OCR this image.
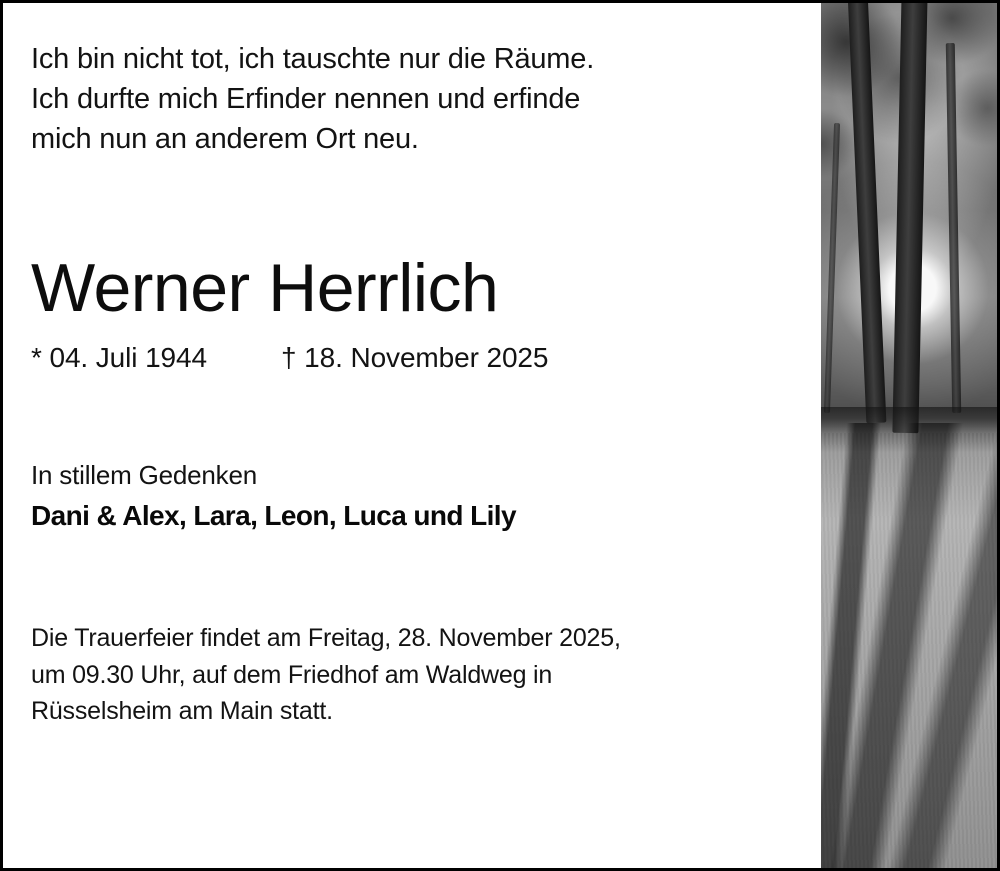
Ich bin nicht tot, ich tauschte nur die Räume.
Ich durfte mich Erfinder nennen und erfinde
mich nun an anderem Ort neu.
Werner Herrlich
* 04. Juli 1944	† 18. November 2025
In stillem Gedenken
Dani & Alex, Lara, Leon, Luca und Lily
Die Trauerfeier findet am Freitag, 28. November 2025,
um 09.30 Uhr, auf dem Friedhof am Waldweg in
Rüsselsheim am Main statt.
